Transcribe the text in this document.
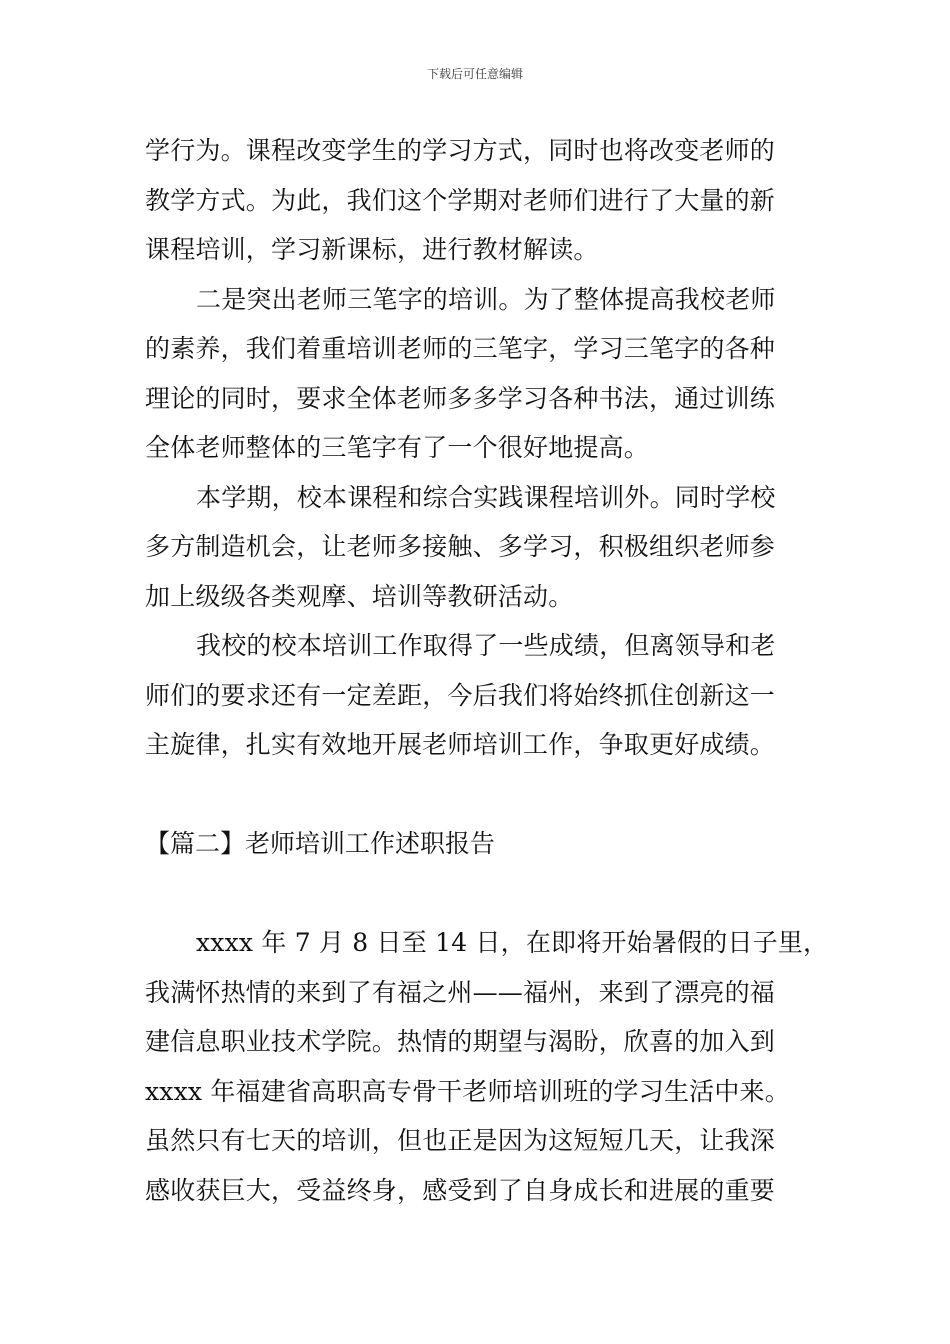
下载后可任意编辑
学行为。课程改变学生的学习方式，同时也将改变老师的
教学方式。为此，我们这个学期对老师们进行了大量的新
课程培训，学习新课标，进行教材解读。
二是突出老师三笔字的培训。为了整体提高我校老师
的素养，我们着重培训老师的三笔字，学习三笔字的各种
理论的同时，要求全体老师多多学习各种书法，通过训练
全体老师整体的三笔字有了一个很好地提高。
本学期，校本课程和综合实践课程培训外。同时学校
多方制造机会，让老师多接触、多学习，积极组织老师参
加上级级各类观摩、培训等教研活动。
我校的校本培训工作取得了一些成绩，但离领导和老
师们的要求还有一定差距，今后我们将始终抓住创新这一
主旋律，扎实有效地开展老师培训工作，争取更好成绩。
【篇二】老师培训工作述职报告
xxxx 年 7 月 8 日至 14 日，在即将开始暑假的日子里，
我满怀热情的来到了有福之州——福州，来到了漂亮的福
建信息职业技术学院。热情的期望与渴盼，欣喜的加入到
xxxx 年福建省高职高专骨干老师培训班的学习生活中来。
虽然只有七天的培训，但也正是因为这短短几天，让我深
感收获巨大，受益终身，感受到了自身成长和进展的重要
